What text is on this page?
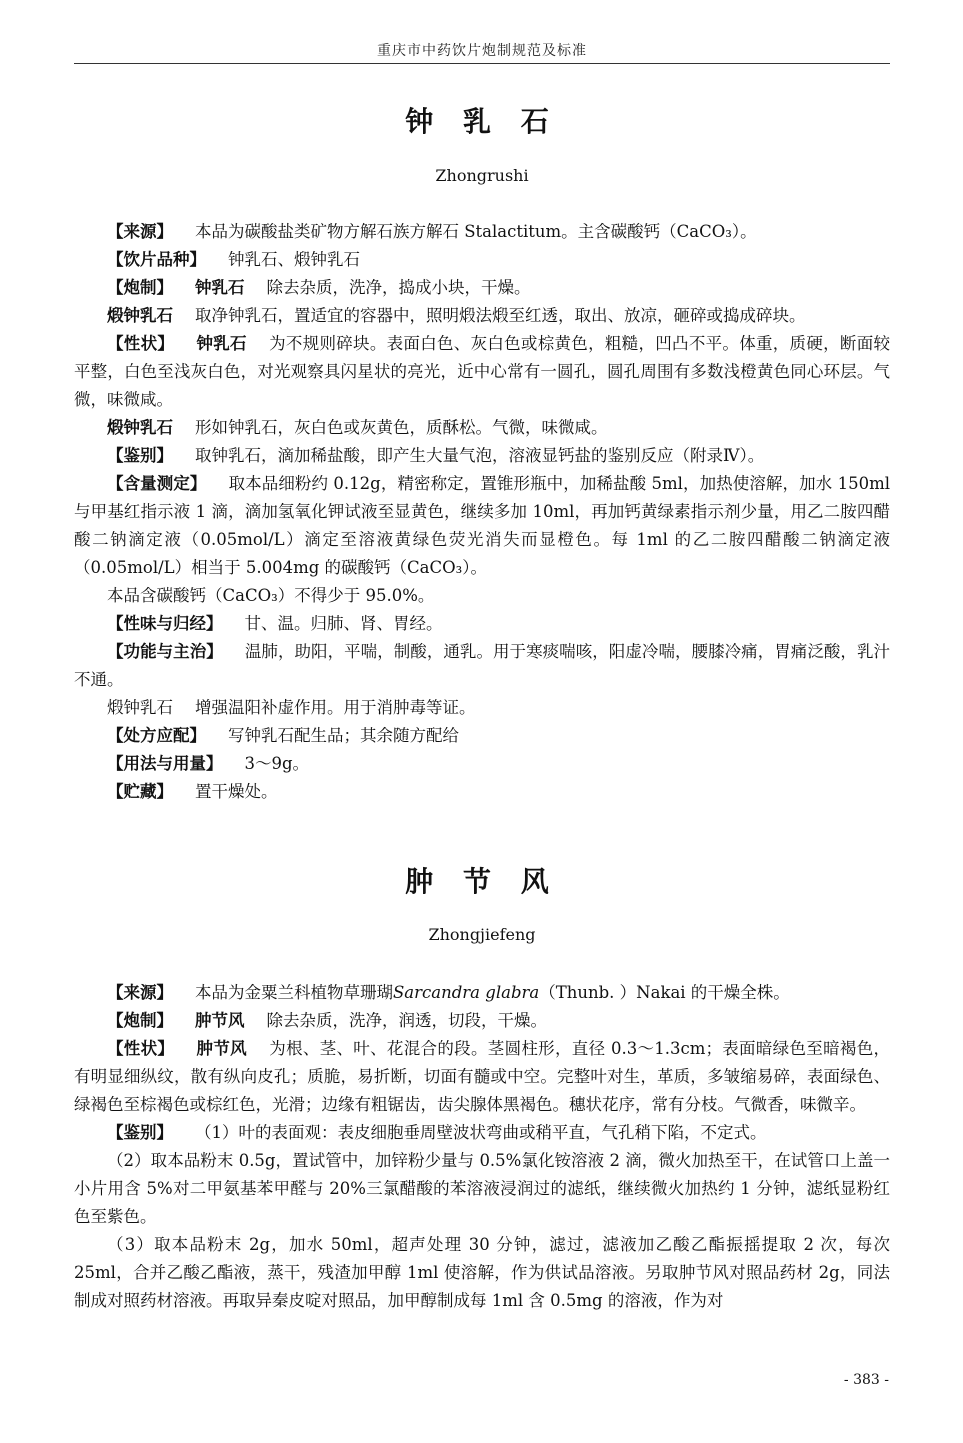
重庆市中药饮片炮制规范及标准
钟 乳 石
Zhongrushi

【来源】 本品为碳酸盐类矿物方解石族方解石 Stalactitum。主含碳酸钙（CaCO₃）。

【饮片品种】 钟乳石、煅钟乳石

【炮制】 钟乳石 除去杂质，洗净，捣成小块，干燥。

煅钟乳石 取净钟乳石，置适宜的容器中，照明煅法煅至红透，取出、放凉，砸碎或捣成碎块。

【性状】 钟乳石 为不规则碎块。表面白色、灰白色或棕黄色，粗糙，凹凸不平。体重，质硬，断面较平整，白色至浅灰白色，对光观察具闪星状的亮光，近中心常有一圆孔，圆孔周围有多数浅橙黄色同心环层。气微，味微咸。

煅钟乳石 形如钟乳石，灰白色或灰黄色，质酥松。气微，味微咸。

【鉴别】 取钟乳石，滴加稀盐酸，即产生大量气泡，溶液显钙盐的鉴别反应（附录Ⅳ）。

【含量测定】 取本品细粉约 0.12g，精密称定，置锥形瓶中，加稀盐酸 5ml，加热使溶解，加水 150ml 与甲基红指示液 1 滴，滴加氢氧化钾试液至显黄色，继续多加 10ml，再加钙黄绿素指示剂少量，用乙二胺四醋酸二钠滴定液（0.05mol/L）滴定至溶液黄绿色荧光消失而显橙色。每 1ml 的乙二胺四醋酸二钠滴定液（0.05mol/L）相当于 5.004mg 的碳酸钙（CaCO₃）。

本品含碳酸钙（CaCO₃）不得少于 95.0%。

【性味与归经】 甘、温。归肺、肾、胃经。

【功能与主治】 温肺，助阳，平喘，制酸，通乳。用于寒痰喘咳，阳虚冷喘，腰膝冷痛，胃痛泛酸，乳汁不通。

煅钟乳石 增强温阳补虚作用。用于消肿毒等证。

【处方应配】 写钟乳石配生品；其余随方配给

【用法与用量】 3～9g。

【贮藏】 置干燥处。

肿 节 风
Zhongjiefeng

【来源】 本品为金粟兰科植物草珊瑚Sarcandra glabra（Thunb. ）Nakai 的干燥全株。

【炮制】 肿节风 除去杂质，洗净，润透，切段，干燥。

【性状】 肿节风 为根、茎、叶、花混合的段。茎圆柱形，直径 0.3～1.3cm；表面暗绿色至暗褐色，有明显细纵纹，散有纵向皮孔；质脆，易折断，切面有髓或中空。完整叶对生，革质，多皱缩易碎，表面绿色、绿褐色至棕褐色或棕红色，光滑；边缘有粗锯齿，齿尖腺体黑褐色。穗状花序，常有分枝。气微香，味微辛。

【鉴别】 （1）叶的表面观：表皮细胞垂周壁波状弯曲或稍平直，气孔稍下陷，不定式。

（2）取本品粉末 0.5g，置试管中，加锌粉少量与 0.5%氯化铵溶液 2 滴，微火加热至干，在试管口上盖一小片用含 5%对二甲氨基苯甲醛与 20%三氯醋酸的苯溶液浸润过的滤纸，继续微火加热约 1 分钟，滤纸显粉红色至紫色。

（3）取本品粉末 2g，加水 50ml，超声处理 30 分钟，滤过，滤液加乙酸乙酯振摇提取 2 次，每次 25ml，合并乙酸乙酯液，蒸干，残渣加甲醇 1ml 使溶解，作为供试品溶液。另取肿节风对照品药材 2g，同法制成对照药材溶液。再取异秦皮啶对照品，加甲醇制成每 1ml 含 0.5mg 的溶液，作为对

- 383 -
